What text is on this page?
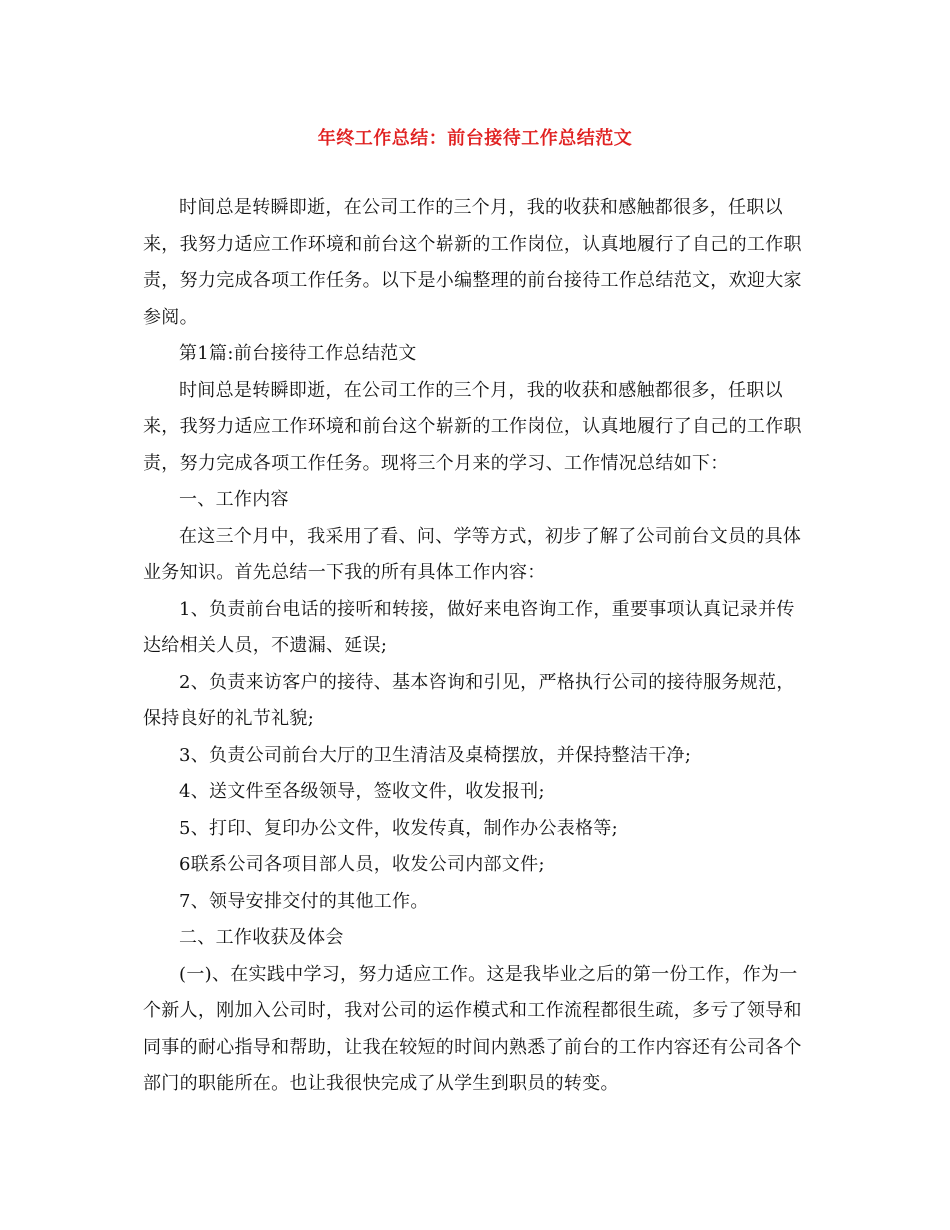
年终工作总结：前台接待工作总结范文

时间总是转瞬即逝，在公司工作的三个月，我的收获和感触都很多，任职以来，我努力适应工作环境和前台这个崭新的工作岗位，认真地履行了自己的工作职责，努力完成各项工作任务。以下是小编整理的前台接待工作总结范文，欢迎大家参阅。

第1篇:前台接待工作总结范文

时间总是转瞬即逝，在公司工作的三个月，我的收获和感触都很多，任职以来，我努力适应工作环境和前台这个崭新的工作岗位，认真地履行了自己的工作职责，努力完成各项工作任务。现将三个月来的学习、工作情况总结如下：

一、工作内容

在这三个月中，我采用了看、问、学等方式，初步了解了公司前台文员的具体业务知识。首先总结一下我的所有具体工作内容：

1、负责前台电话的接听和转接，做好来电咨询工作，重要事项认真记录并传达给相关人员，不遗漏、延误;

2、负责来访客户的接待、基本咨询和引见，严格执行公司的接待服务规范，保持良好的礼节礼貌;

3、负责公司前台大厅的卫生清洁及桌椅摆放，并保持整洁干净;

4、送文件至各级领导，签收文件，收发报刊;

5、打印、复印办公文件，收发传真，制作办公表格等;

6联系公司各项目部人员，收发公司内部文件;

7、领导安排交付的其他工作。

二、工作收获及体会

(一)、在实践中学习，努力适应工作。这是我毕业之后的第一份工作，作为一个新人，刚加入公司时，我对公司的运作模式和工作流程都很生疏，多亏了领导和同事的耐心指导和帮助，让我在较短的时间内熟悉了前台的工作内容还有公司各个部门的职能所在。也让我很快完成了从学生到职员的转变。
